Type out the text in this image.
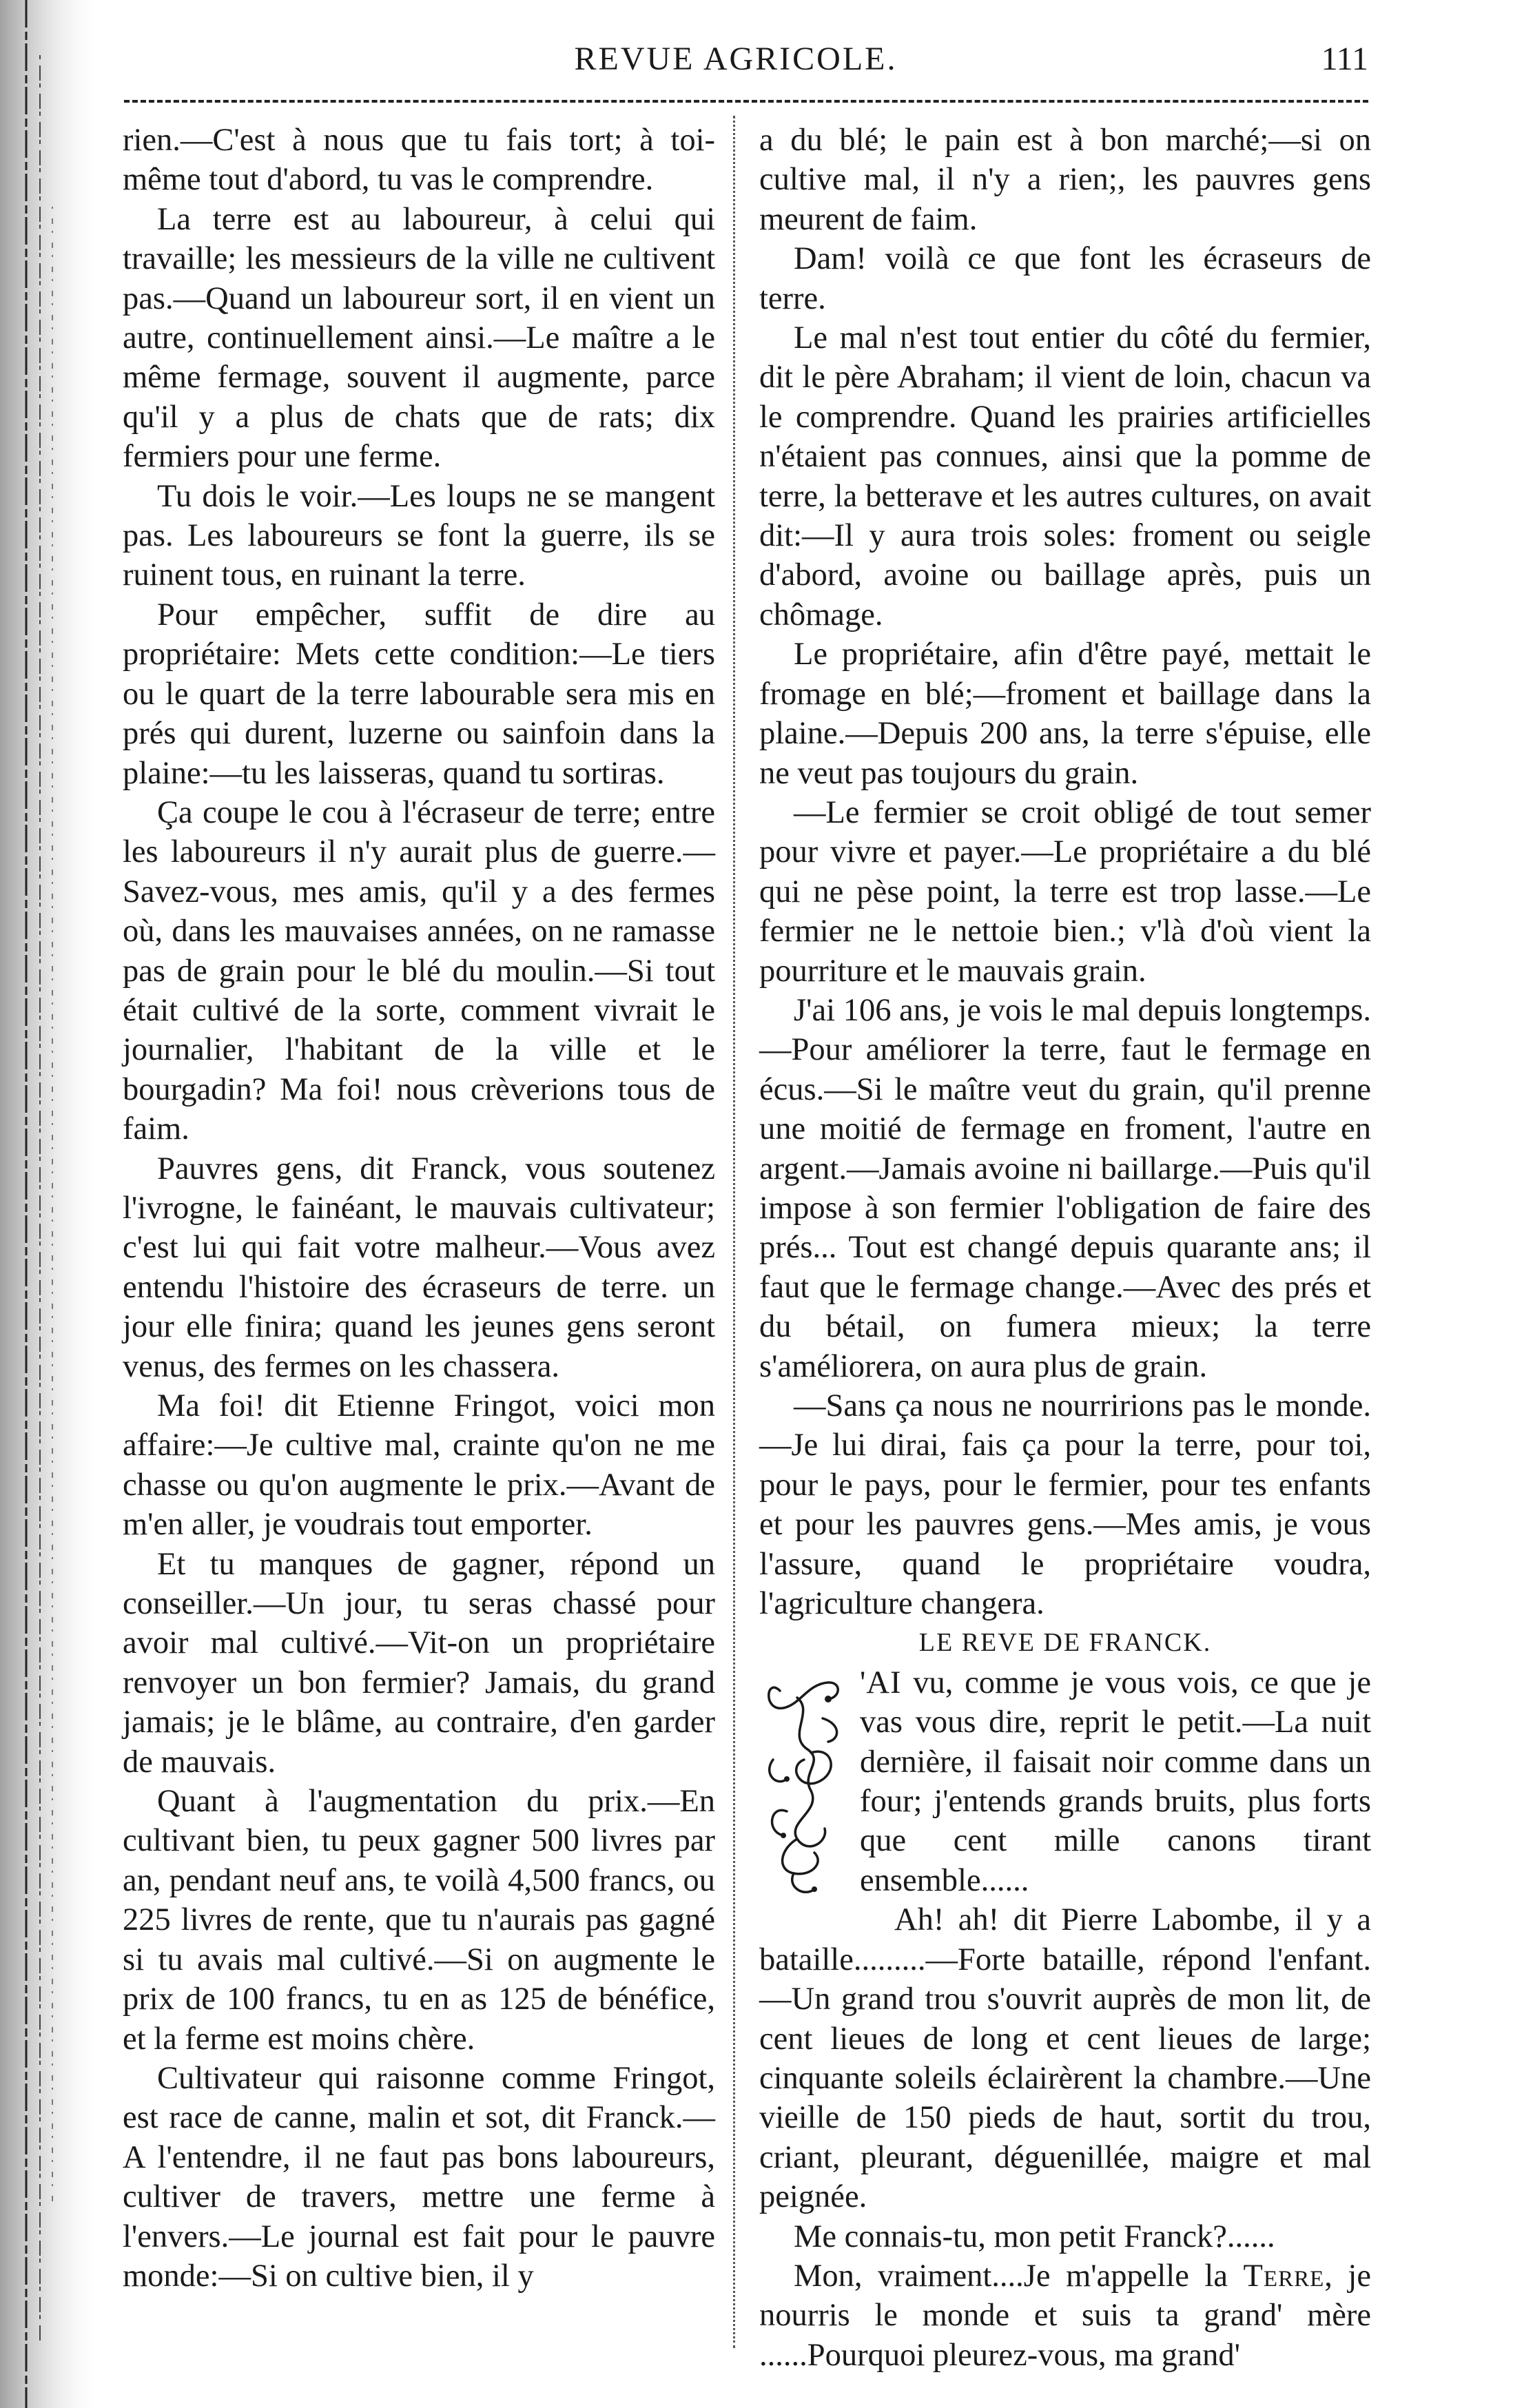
REVUE AGRICOLE.	111

rien.—C'est à nous que tu fais tort; à toi-même tout d'abord, tu vas le comprendre.

La terre est au laboureur, à celui qui travaille; les messieurs de la ville ne cultivent pas.—Quand un laboureur sort, il en vient un autre, continuellement ainsi.—Le maître a le même fermage, souvent il augmente, parce qu'il y a plus de chats que de rats; dix fermiers pour une ferme.

Tu dois le voir.—Les loups ne se mangent pas. Les laboureurs se font la guerre, ils se ruinent tous, en ruinant la terre.

Pour empêcher, suffit de dire au propriétaire: Mets cette condition:—Le tiers ou le quart de la terre labourable sera mis en prés qui durent, luzerne ou sainfoin dans la plaine:—tu les laisseras, quand tu sortiras.

Ça coupe le cou à l'écraseur de terre; entre les laboureurs il n'y aurait plus de guerre.—Savez-vous, mes amis, qu'il y a des fermes où, dans les mauvaises années, on ne ramasse pas de grain pour le blé du moulin.—Si tout était cultivé de la sorte, comment vivrait le journalier, l'habitant de la ville et le bourgadin? Ma foi! nous crèverions tous de faim.

Pauvres gens, dit Franck, vous soutenez l'ivrogne, le fainéant, le mauvais cultivateur; c'est lui qui fait votre malheur.—Vous avez entendu l'histoire des écraseurs de terre. un jour elle finira; quand les jeunes gens seront venus, des fermes on les chassera.

Ma foi! dit Etienne Fringot, voici mon affaire:—Je cultive mal, crainte qu'on ne me chasse ou qu'on augmente le prix.—Avant de m'en aller, je voudrais tout emporter.

Et tu manques de gagner, répond un conseiller.—Un jour, tu seras chassé pour avoir mal cultivé.—Vit-on un propriétaire renvoyer un bon fermier? Jamais, du grand jamais; je le blâme, au contraire, d'en garder de mauvais.

Quant à l'augmentation du prix.—En cultivant bien, tu peux gagner 500 livres par an, pendant neuf ans, te voilà 4,500 francs, ou 225 livres de rente, que tu n'aurais pas gagné si tu avais mal cultivé.—Si on augmente le prix de 100 francs, tu en as 125 de bénéfice, et la ferme est moins chère.

Cultivateur qui raisonne comme Fringot, est race de canne, malin et sot, dit Franck.—A l'entendre, il ne faut pas bons laboureurs, cultiver de travers, mettre une ferme à l'envers.—Le journal est fait pour le pauvre monde:—Si on cultive bien, il y

a du blé; le pain est à bon marché;—si on cultive mal, il n'y a rien;, les pauvres gens meurent de faim.

Dam! voilà ce que font les écraseurs de terre.

Le mal n'est tout entier du côté du fermier, dit le père Abraham; il vient de loin, chacun va le comprendre. Quand les prairies artificielles n'étaient pas connues, ainsi que la pomme de terre, la betterave et les autres cultures, on avait dit:—Il y aura trois soles: froment ou seigle d'abord, avoine ou baillage après, puis un chômage.

Le propriétaire, afin d'être payé, mettait le fromage en blé;—froment et baillage dans la plaine.—Depuis 200 ans, la terre s'épuise, elle ne veut pas toujours du grain.

—Le fermier se croit obligé de tout semer pour vivre et payer.—Le propriétaire a du blé qui ne pèse point, la terre est trop lasse.—Le fermier ne le nettoie bien.; v'là d'où vient la pourriture et le mauvais grain.

J'ai 106 ans, je vois le mal depuis longtemps.—Pour améliorer la terre, faut le fermage en écus.—Si le maître veut du grain, qu'il prenne une moitié de fermage en froment, l'autre en argent.—Jamais avoine ni baillarge.—Puis qu'il impose à son fermier l'obligation de faire des prés... Tout est changé depuis quarante ans; il faut que le fermage change.—Avec des prés et du bétail, on fumera mieux; la terre s'améliorera, on aura plus de grain.

—Sans ça nous ne nourririons pas le monde.—Je lui dirai, fais ça pour la terre, pour toi, pour le pays, pour le fermier, pour tes enfants et pour les pauvres gens.—Mes amis, je vous l'assure, quand le propriétaire voudra, l'agriculture changera.

LE REVE DE FRANCK.

'AI vu, comme je vous vois, ce que je vas vous dire, reprit le petit.—La nuit dernière, il faisait noir comme dans un four; j'entends grands bruits, plus forts que cent mille canons tirant ensemble......

Ah! ah! dit Pierre Labombe, il y a bataille.........—Forte bataille, répond l'enfant.—Un grand trou s'ouvrit auprès de mon lit, de cent lieues de long et cent lieues de large; cinquante soleils éclairèrent la chambre.—Une vieille de 150 pieds de haut, sortit du trou, criant, pleurant, déguenillée, maigre et mal peignée.

Me connais-tu, mon petit Franck?......

Mon, vraiment....Je m'appelle la Terre, je nourris le monde et suis ta grand' mère ......Pourquoi pleurez-vous, ma grand'
